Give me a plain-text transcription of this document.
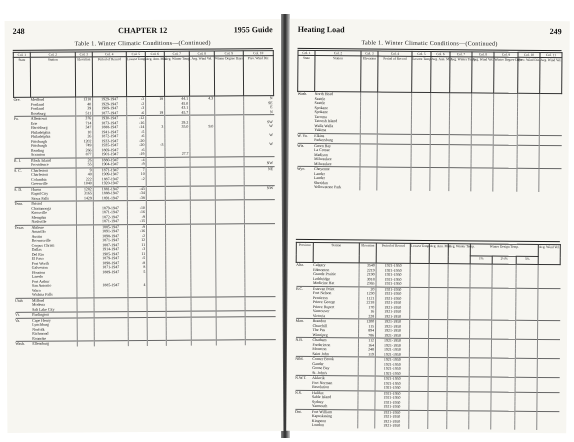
248	CHAPTER 12	1955 Guide
Table 1. Winter Climatic Conditions—(Continued)
Col. 1	Col. 2	Col. 3	Col. 4	Col. 5	Col. 6	Col. 7	Col. 8	Col. 9	Col. 10
State	Station	Elevation	Period of Record	Lowest Temp.	Avg. Ann. Min.	Avg. Winter Temp.	Avg. Wind Vel.	Winter Degree Days	Prev. Wind Dir.
Ore.	Medford	1318	1929-1947	-3	18	44.1	4.3		N
	Portland	40	1929-1947	-2		45.0			SE
	Portland	39	1909-1947	-3		43.1			E
	Roseburg	511	1877-1947	-6	19	45.7			N
Pa.	Allentown	376	1930-1947	-12					
	Erie	714	1873-1947	-16		29.2			SW
	Harrisburg	347	1888-1947	-14	3	35.0	9.0		W
	Philadelphia	10	1941-1947	-5					
	Philadelphia	26	1872-1947	-6					W
	Pittsburgh	1202	1933-1947	-20					
	Pittsburgh	749	1935-1947	-20	-3				W
	Reading	266	1869-1947	-6					
	Scranton	877	1901-1947	-19		27.7			
R. I.	Block Island	26	1880-1947	-4					
	Providence	55	1904-1947	-9					NW
S. C.	Charleston	9	1871-1947	7					NE
	Charleston	40	1909-1947	10					
	Columbia	222	1887-1947	-2					
	Greenville	1040	1920-1947						
S. D.	Huron	1282	1881-1947	-43					NW
	Rapid City	3165	1888-1947	-34					
	Sioux Falls	1429	1891-1947	-38					
Tenn.	Bristol								
	Chattanooga		1879-1947	-10					
	Knoxville		1871-1947	-16					
	Memphis		1872-1947	-9					
	Nashville		1871-1947	-15					
Texas	Abilene		1885-1947	-9					
	Amarillo		1891-1947	-16					
	Austin		1898-1947	-2					
	Brownsville		1871-1947	12					
	Corpus Christi		1887-1947	11					
	Dallas		1914-1947	-3					
	Del Rio		1905-1947	11					
	El Paso		1879-1947	-5					
	Fort Worth		1898-1947	-8					
	Galveston		1871-1947	8					
	Houston		1889-1947	5					
	Laredo								
	Port Arthur								
	San Antonio		1885-1947	4					
	Waco								
	Wichita Falls								
Utah	Milford								
	Modena								
	Salt Lake City								
Vt.	Burlington								
Va.	Cape Henry								
	Lynchburg								
	Norfolk								
	Richmond								
	Roanoke								
Wash.	Ellensburg								
Heating Load	249
Table 1. Winter Climatic Conditions—(Continued)
Col. 1	Col. 2	Col. 3	Col. 4	Col. 5	Col. 6	Col. 7	Col. 8	Col. 9	Col. 10	Col. 11
State	Station	Elevation	Period of Record	Lowest Temp.	Avg. Ann. Min.	Avg. Winter Temp.	Avg. Wind Vel.	Winter Degree Days	Prev. Wind Dir.	Avg. Wind Vel.
Wash.	North Head									
	Seattle									
	Seattle									
	Spokane									
	Spokane									
	Tacoma									
	Tatoosh Island									
	Walla Walla									
	Yakima									
W. Va.	Elkins									
	Parkersburg									
Wis.	Green Bay									
	La Crosse									
	Madison									
	Milwaukee									
	Milwaukee									
Wyo.	Cheyenne									
	Lander									
	Lander									
	Sheridan									
	Yellowstone Park									
Province	Station	Elevation	Period of Record	Lowest Temp.	Avg. Ann. Min.	Avg. Winter Temp.	Winter Design Temp.			Avg. Wind Vel.
							1%	2½%	5%	
Alta.	Calgary	3540	1921-1950							
	Edmonton	2219	1921-1950							
	Grande Prairie	2190	1921-1950							
	Lethbridge	3018	1921-1950							
	Medicine Hat	2365	1921-1950							
B.C.	Estevan Point	20	1921-1950							
	Fort Nelson	1230	1921-1950							
	Penticton	1121	1921-1950							
	Prince George	2218	1921-1950							
	Prince Rupert	170	1921-1950							
	Vancouver	16	1921-1950							
	Victoria	228	1921-1950							
Man.	Brandon	1200	1921-1950							
	Churchill	115	1921-1950							
	The Pas	894	1921-1950							
	Winnipeg	786	1921-1950							
N.B.	Chatham	112	1921-1950							
	Fredericton	164	1921-1950							
	Moncton	248	1921-1950							
	Saint John	119	1921-1950							
Nfld.	Corner Brook		1921-1950							
	Gander		1921-1950							
	Goose Bay		1921-1950							
	St. John's		1921-1950							
N.W.T.	Aklavik		1921-1950							
	Fort Norman		1921-1950							
	Resolution		1921-1950							
N.S.	Halifax		1921-1950							
	Sable Island		1921-1950							
	Sydney		1921-1950							
	Yarmouth		1921-1950							
Ont.	Fort William		1921-1950							
	Kapuskasing		1921-1950							
	Kingston		1921-1950							
	London		1921-1950							
